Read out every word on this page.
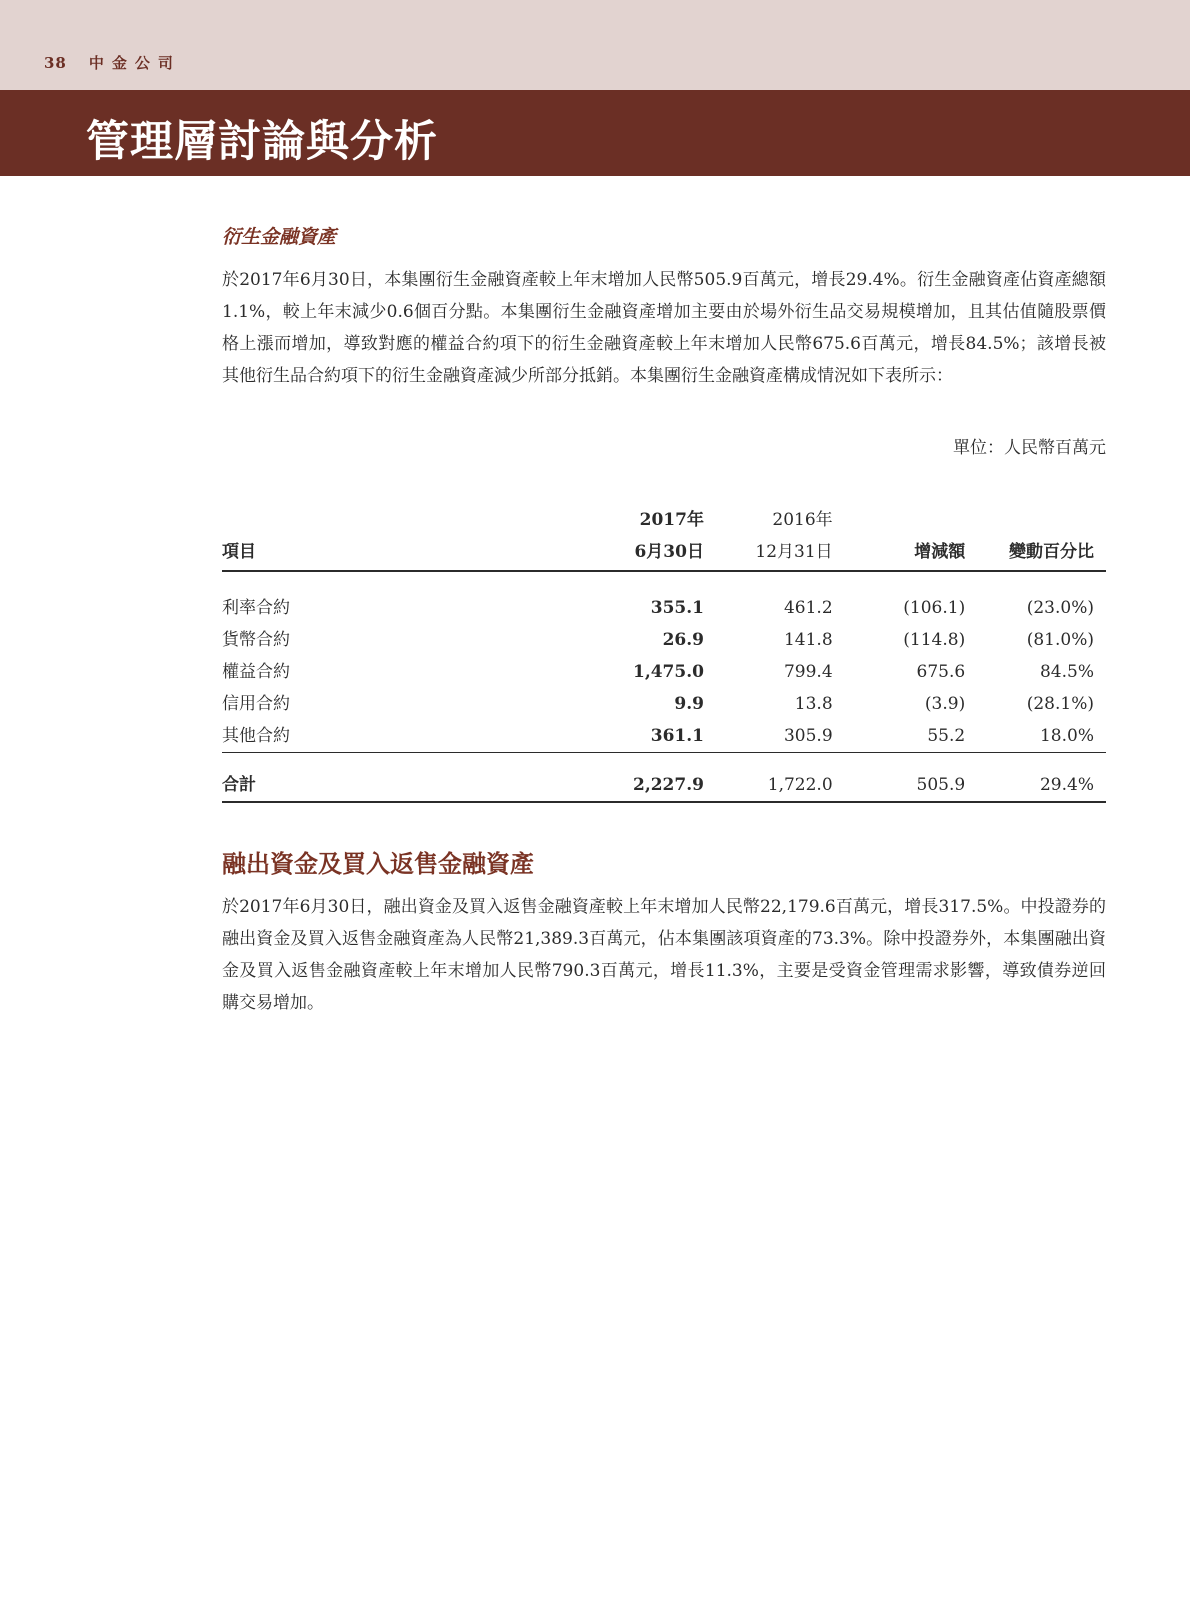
38 中金公司
管理層討論與分析
衍生金融資產

於2017年6月30日，本集團衍生金融資產較上年末增加人民幣505.9百萬元，增長29.4%。衍生金融資產佔資產總額1.1%，較上年末減少0.6個百分點。本集團衍生金融資產增加主要由於場外衍生品交易規模增加，且其估值隨股票價格上漲而增加，導致對應的權益合約項下的衍生金融資產較上年末增加人民幣675.6百萬元，增長84.5%；該增長被其他衍生品合約項下的衍生金融資產減少所部分抵銷。本集團衍生金融資產構成情況如下表所示：

單位：人民幣百萬元
	2017年	2016年		
項目	6月30日	12月31日	增減額	變動百分比
利率合約	355.1	461.2	(106.1)	(23.0%)
貨幣合約	26.9	141.8	(114.8)	(81.0%)
權益合約	1,475.0	799.4	675.6	84.5%
信用合約	9.9	13.8	(3.9)	(28.1%)
其他合約	361.1	305.9	55.2	18.0%
合計	2,227.9	1,722.0	505.9	29.4%
融出資金及買入返售金融資產

於2017年6月30日，融出資金及買入返售金融資產較上年末增加人民幣22,179.6百萬元，增長317.5%。中投證券的融出資金及買入返售金融資產為人民幣21,389.3百萬元，佔本集團該項資產的73.3%。除中投證券外，本集團融出資金及買入返售金融資產較上年末增加人民幣790.3百萬元，增長11.3%，主要是受資金管理需求影響，導致債券逆回購交易增加。
